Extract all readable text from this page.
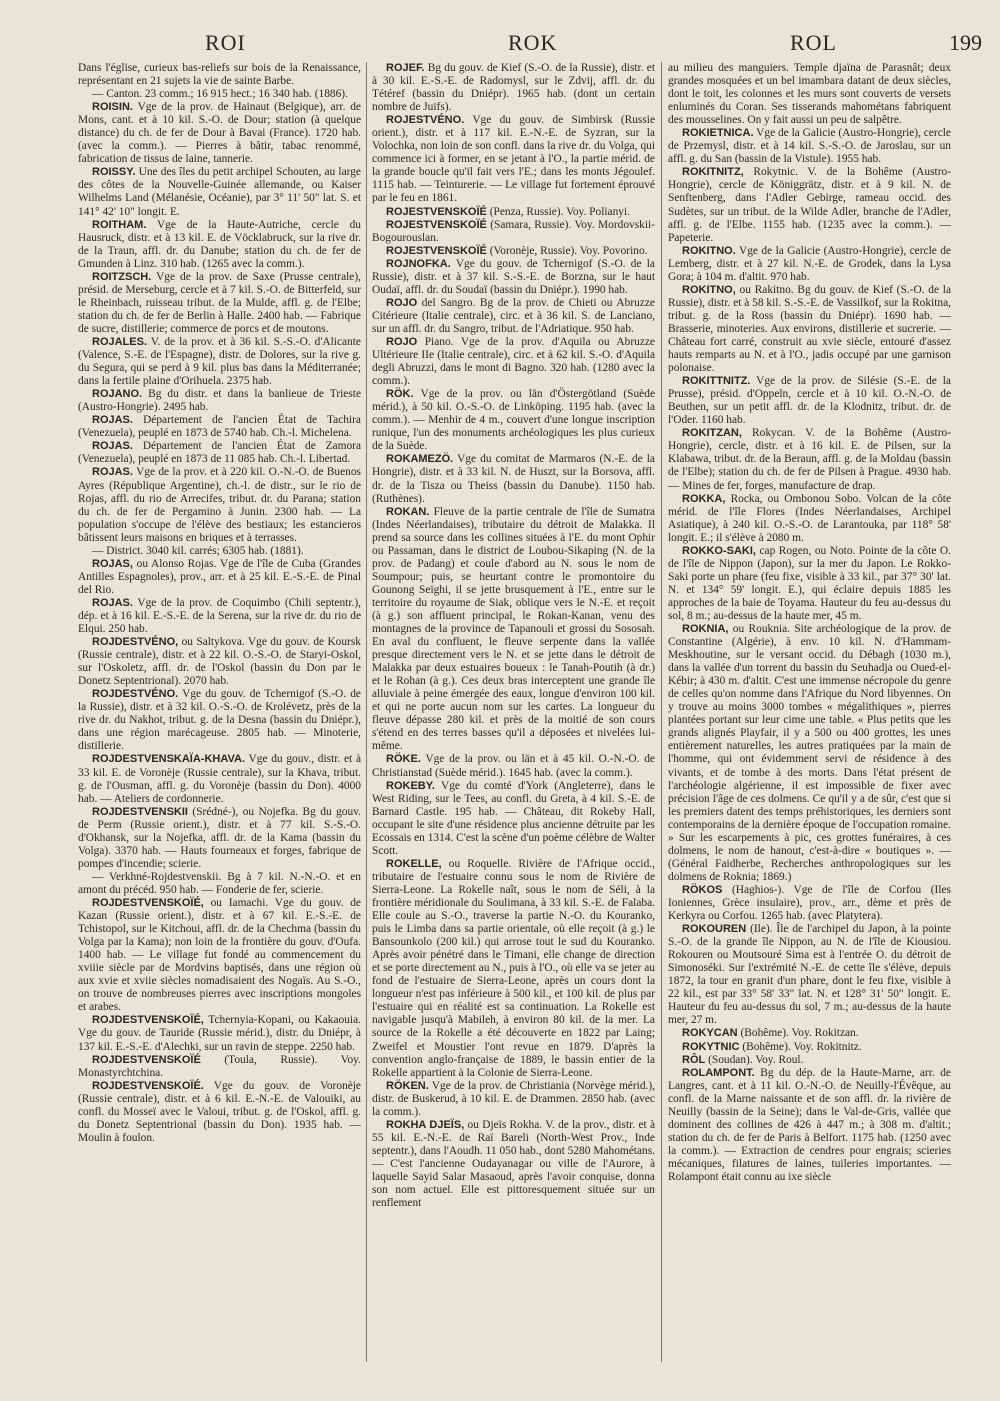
ROI	ROK	ROL	199

Dans l'église, curieux bas-reliefs sur bois de la Renaissance, représentant en 21 sujets la vie de sainte Barbe.

— Canton. 23 comm.; 16 915 hect.; 16 340 hab. (1886).

ROISIN. Vge de la prov. de Hainaut (Belgique), arr. de Mons, cant. et à 10 kil. S.-O. de Dour; station (à quelque distance) du ch. de fer de Dour à Bavai (France). 1720 hab. (avec la comm.). — Pierres à bâtir, tabac renommé, fabrication de tissus de laine, tannerie.

ROISSY. Une des îles du petit archipel Schouten, au large des côtes de la Nouvelle-Guinée allemande, ou Kaiser Wilhelms Land (Mélanésie, Océanie), par 3° 11' 50" lat. S. et 141° 42' 10" longit. E.

ROITHAM. Vge de la Haute-Autriche, cercle du Hausruck, distr. et à 13 kil. E. de Vöcklabruck, sur la rive dr. de la Traun, affl. dr. du Danube; station du ch. de fer de Gmunden à Linz. 310 hab. (1265 avec la comm.).

ROITZSCH. Vge de la prov. de Saxe (Prusse centrale), présid. de Merseburg, cercle et à 7 kil. S.-O. de Bitterfeld, sur le Rheinbach, ruisseau tribut. de la Mulde, affl. g. de l'Elbe; station du ch. de fer de Berlin à Halle. 2400 hab. — Fabrique de sucre, distillerie; commerce de porcs et de moutons.

ROJALES. V. de la prov. et à 36 kil. S.-S.-O. d'Alicante (Valence, S.-E. de l'Espagne), distr. de Dolores, sur la rive g. du Segura, qui se perd à 9 kil. plus bas dans la Méditerranée; dans la fertile plaine d'Orihuela. 2375 hab.

ROJANO. Bg du distr. et dans la banlieue de Trieste (Austro-Hongrie). 2495 hab.

ROJAS. Département de l'ancien État de Tachira (Venezuela), peuplé en 1873 de 5740 hab. Ch.-l. Michelena.

ROJAS. Département de l'ancien État de Zamora (Venezuela), peuplé en 1873 de 11 085 hab. Ch.-l. Libertad.

ROJAS. Vge de la prov. et à 220 kil. O.-N.-O. de Buenos Ayres (République Argentine), ch.-l. de distr., sur le rio de Rojas, affl. du rio de Arrecifes, tribut. dr. du Parana; station du ch. de fer de Pergamino à Junin. 2300 hab. — La population s'occupe de l'élève des bestiaux; les estancieros bâtissent leurs maisons en briques et à terrasses.

— District. 3040 kil. carrés; 6305 hab. (1881).

ROJAS, ou Alonso Rojas. Vge de l'île de Cuba (Grandes Antilles Espagnoles), prov., arr. et à 25 kil. E.-S.-E. de Pinal del Rio.

ROJAS. Vge de la prov. de Coquimbo (Chili septentr.), dép. et à 16 kil. E.-S.-E. de la Serena, sur la rive dr. du rio de Elqui. 250 hab.

ROJDESTVÉNO, ou Saltykova. Vge du gouv. de Koursk (Russie centrale), distr. et à 22 kil. O.-S.-O. de Staryi-Oskol, sur l'Oskoletz, affl. dr. de l'Oskol (bassin du Don par le Donetz Septentrional). 2070 hab.

ROJDESTVÉNO. Vge du gouv. de Tchernigof (S.-O. de la Russie), distr. et à 32 kil. O.-S.-O. de Krolévetz, près de la rive dr. du Nakhot, tribut. g. de la Desna (bassin du Dniépr.), dans une région marécageuse. 2805 hab. — Minoterie, distillerie.

ROJDESTVENSKAÏA-KHAVA. Vge du gouv., distr. et à 33 kil. E. de Voronèje (Russie centrale), sur la Khava, tribut. g. de l'Ousman, affl. g. du Voronèje (bassin du Don). 4000 hab. — Ateliers de cordonnerie.

ROJDESTVENSKII (Srédné-), ou Nojefka. Bg du gouv. de Perm (Russie orient.), distr. et à 77 kil. S.-S.-O. d'Okhansk, sur la Nojefka, affl. dr. de la Kama (bassin du Volga). 3370 hab. — Hauts fourneaux et forges, fabrique de pompes d'incendie; scierie.

— Verkhné-Rojdestvenskii. Bg à 7 kil. N.-N.-O. et en amont du précéd. 950 hab. — Fonderie de fer, scierie.

ROJDESTVENSKOÏÉ, ou Iamachi. Vge du gouv. de Kazan (Russie orient.), distr. et à 67 kil. E.-S.-E. de Tchistopol, sur le Kitchoui, affl. dr. de la Chechma (bassin du Volga par la Kama); non loin de la frontière du gouv. d'Oufa. 1400 hab. — Le village fut fondé au commencement du xviiie siècle par de Mordvins baptisés, dans une région où aux xvie et xviie siècles nomadisaient des Nogaïs. Au S.-O., on trouve de nombreuses pierres avec inscriptions mongoles et arabes.

ROJDESTVENSKOÏÉ, Tchernyia-Kopani, ou Kakaouia. Vge du gouv. de Tauride (Russie mérid.), distr. du Dniépr, à 137 kil. E.-S.-E. d'Alechki, sur un ravin de steppe. 2250 hab.

ROJDESTVENSKOÏÉ (Toula, Russie). Voy. Monastyrchtchina.

ROJDESTVENSKOÏÉ. Vge du gouv. de Voronèje (Russie centrale), distr. et à 6 kil. E.-N.-E. de Valouiki, au confl. du Mosseï avec le Valoui, tribut. g. de l'Oskol, affl. g. du Donetz Septentrional (bassin du Don). 1935 hab. — Moulin à foulon.

ROJEF. Bg du gouv. de Kief (S.-O. de la Russie), distr. et à 30 kil. E.-S.-E. de Radomysl, sur le Zdvij, affl. dr. du Tétéref (bassin du Dniépr). 1965 hab. (dont un certain nombre de Juifs).

ROJESTVÉNO. Vge du gouv. de Simbirsk (Russie orient.), distr. et à 117 kil. E.-N.-E. de Syzran, sur la Volochka, non loin de son confl. dans la rive dr. du Volga, qui commence ici à former, en se jetant à l'O., la partie mérid. de la grande boucle qu'il fait vers l'E.; dans les monts Jégoulef. 1115 hab. — Teinturerie. — Le village fut fortement éprouvé par le feu en 1861.

ROJESTVENSKOÏÉ (Penza, Russie). Voy. Polianyi.

ROJESTVENSKOÏÉ (Samara, Russie). Voy. Mordovskii-Bogourouslan.

ROJESTVENSKOÏÉ (Voronèje, Russie). Voy. Povorino.

ROJNOFKA. Vge du gouv. de Tchernigof (S.-O. de la Russie), distr. et à 37 kil. S.-S.-E. de Borzna, sur le haut Oudaï, affl. dr. du Soudaï (bassin du Dniépr.). 1990 hab.

ROJO del Sangro. Bg de la prov. de Chieti ou Abruzze Citérieure (Italie centrale), circ. et à 36 kil. S. de Lanciano, sur un affl. dr. du Sangro, tribut. de l'Adriatique. 950 hab.

ROJO Piano. Vge de la prov. d'Aquila ou Abruzze Ultérieure IIe (Italie centrale), circ. et à 62 kil. S.-O. d'Aquila degli Abruzzi, dans le mont di Bagno. 320 hab. (1280 avec la comm.).

RÖK. Vge de la prov. ou län d'Östergötland (Suède mérid.), à 50 kil. O.-S.-O. de Linköping. 1195 hab. (avec la comm.). — Menhir de 4 m., couvert d'une longue inscription runique, l'un des monuments archéologiques les plus curieux de la Suède.

ROKAMEZÖ. Vge du comitat de Marmaros (N.-E. de la Hongrie), distr. et à 33 kil. N. de Huszt, sur la Borsova, affl. dr. de la Tisza ou Theiss (bassin du Danube). 1150 hab. (Ruthènes).

ROKAN. Fleuve de la partie centrale de l'île de Sumatra (Indes Néerlandaises), tributaire du détroit de Malakka. Il prend sa source dans les collines situées à l'E. du mont Ophir ou Passaman, dans le district de Loubou-Sikaping (N. de la prov. de Padang) et coule d'abord au N. sous le nom de Soumpour; puis, se heurtant contre le promontoire du Gounong Seïghi, il se jette brusquement à l'E., entre sur le territoire du royaume de Siak, oblique vers le N.-E. et reçoit (à g.) son affluent principal, le Rokan-Kanan, venu des montagnes de la province de Tapanouli et grossi du Sososah. En aval du confluent, le fleuve serpente dans la vallée presque directement vers le N. et se jette dans le détroit de Malakka par deux estuaires boueux : le Tanah-Poutih (à dr.) et le Rohan (à g.). Ces deux bras interceptent une grande île alluviale à peine émergée des eaux, longue d'environ 100 kil. et qui ne porte aucun nom sur les cartes. La longueur du fleuve dépasse 280 kil. et près de la moitié de son cours s'étend en des terres basses qu'il a déposées et nivelées lui-même.

RÖKE. Vge de la prov. ou län et à 45 kil. O.-N.-O. de Christianstad (Suède mérid.). 1645 hab. (avec la comm.).

ROKEBY. Vge du comté d'York (Angleterre), dans le West Riding, sur le Tees, au confl. du Greta, à 4 kil. S.-E. de Barnard Castle. 195 hab. — Château, dit Rokeby Hall, occupant le site d'une résidence plus ancienne détruite par les Ecossais en 1314. C'est la scène d'un poème célèbre de Walter Scott.

ROKELLE, ou Roquelle. Rivière de l'Afrique occid., tributaire de l'estuaire connu sous le nom de Rivière de Sierra-Leone. La Rokelle naît, sous le nom de Séli, à la frontière méridionale du Soulimana, à 33 kil. S.-E. de Falaba. Elle coule au S.-O., traverse la partie N.-O. du Kouranko, puis le Limba dans sa partie orientale, où elle reçoit (à g.) le Bansounkolo (200 kil.) qui arrose tout le sud du Kouranko. Après avoir pénétré dans le Timani, elle change de direction et se porte directement au N., puis à l'O., où elle va se jeter au fond de l'estuaire de Sierra-Leone, après un cours dont la longueur n'est pas inférieure à 500 kil., et 100 kil. de plus par l'estuaire qui en réalité est sa continuation. La Rokelle est navigable jusqu'à Mabileh, à environ 80 kil. de la mer. La source de la Rokelle a été découverte en 1822 par Laing; Zweifel et Moustier l'ont revue en 1879. D'après la convention anglo-française de 1889, le bassin entier de la Rokelle appartient à la Colonie de Sierra-Leone.

RÖKEN. Vge de la prov. de Christiania (Norvège mérid.), distr. de Buskerud, à 10 kil. E. de Drammen. 2850 hab. (avec la comm.).

ROKHA DJEÏS, ou Djeïs Rokha. V. de la prov., distr. et à 55 kil. E.-N.-E. de Raï Bareli (North-West Prov., Inde septentr.), dans l'Aoudh. 11 050 hab., dont 5280 Mahométans. — C'est l'ancienne Oudayanagar ou ville de l'Aurore, à laquelle Sayid Salar Masaoud, après l'avoir conquise, donna son nom actuel. Elle est pittoresquement située sur un renflement

au milieu des manguiers. Temple djaïna de Parasnât; deux grandes mosquées et un bel imambara datant de deux siècles, dont le toit, les colonnes et les murs sont couverts de versets enluminés du Coran. Ses tisserands mahométans fabriquent des mousselines. On y fait aussi un peu de salpêtre.

ROKIETNICA. Vge de la Galicie (Austro-Hongrie), cercle de Przemysl, distr. et à 14 kil. S.-S.-O. de Jaroslau, sur un affl. g. du San (bassin de la Vistule). 1955 hab.

ROKITNITZ, Rokytnic. V. de la Bohême (Austro-Hongrie), cercle de Königgrätz, distr. et à 9 kil. N. de Senftenberg, dans l'Adler Gebirge, rameau occid. des Sudètes, sur un tribut. de la Wilde Adler, branche de l'Adler, affl. g. de l'Elbe. 1155 hab. (1235 avec la comm.). — Papeterie.

ROKITNO. Vge de la Galicie (Austro-Hongrie), cercle de Lemberg, distr. et à 27 kil. N.-E. de Grodek, dans la Lysa Gora; à 104 m. d'altit. 970 hab.

ROKITNO, ou Rakitno. Bg du gouv. de Kief (S.-O. de la Russie), distr. et à 58 kil. S.-S.-E. de Vassilkof, sur la Rokitna, tribut. g. de la Ross (bassin du Dniépr). 1690 hab. — Brasserie, minoteries. Aux environs, distillerie et sucrerie. — Château fort carré, construit au xvie siècle, entouré d'assez hauts remparts au N. et à l'O., jadis occupé par une garnison polonaise.

ROKITTNITZ. Vge de la prov. de Silésie (S.-E. de la Prusse), présid. d'Oppeln, cercle et à 10 kil. O.-N.-O. de Beuthen, sur un petit affl. dr. de la Klodnitz, tribut. dr. de l'Oder. 1160 hab.

ROKITZAN, Rokycan. V. de la Bohême (Austro-Hongrie), cercle, distr. et à 16 kil. E. de Pilsen, sur la Klabawa, tribut. dr. de la Beraun, affl. g. de la Moldau (bassin de l'Elbe); station du ch. de fer de Pilsen à Prague. 4930 hab. — Mines de fer, forges, manufacture de drap.

ROKKA, Rocka, ou Ombonou Sobo. Volcan de la côte mérid. de l'île Flores (Indes Néerlandaises, Archipel Asiatique), à 240 kil. O.-S.-O. de Larantouka, par 118° 58' longit. E.; il s'élève à 2080 m.

ROKKO-SAKI, cap Rogen, ou Noto. Pointe de la côte O. de l'île de Nippon (Japon), sur la mer du Japon. Le Rokko-Saki porte un phare (feu fixe, visible à 33 kil., par 37° 30' lat. N. et 134° 59' longit. E.), qui éclaire depuis 1885 les approches de la baie de Toyama. Hauteur du feu au-dessus du sol, 8 m.; au-dessus de la haute mer, 45 m.

ROKNIA, ou Rouknia. Site archéologique de la prov. de Constantine (Algérie), à env. 10 kil. N. d'Hammam-Meskhoutine, sur le versant occid. du Débagh (1030 m.), dans la vallée d'un torrent du bassin du Seuhadja ou Oued-el-Kébir; à 430 m. d'altit. C'est une immense nécropole du genre de celles qu'on nomme dans l'Afrique du Nord libyennes. On y trouve au moins 3000 tombes « mégalithiques », pierres plantées portant sur leur cime une table. « Plus petits que les grands alignés Playfair, il y a 500 ou 400 grottes, les unes entièrement naturelles, les autres pratiquées par la main de l'homme, qui ont évidemment servi de résidence à des vivants, et de tombe à des morts. Dans l'état présent de l'archéologie algérienne, il est impossible de fixer avec précision l'âge de ces dolmens. Ce qu'il y a de sûr, c'est que si les premiers datent des temps préhistoriques, les derniers sont contemporains de la dernière époque de l'occupation romaine. » Sur les escarpements à pic, ces grottes funéraires, à ces dolmens, le nom de hanout, c'est-à-dire « boutiques ». — (Général Faidherbe, Recherches anthropologiques sur les dolmens de Roknia; 1869.)

RÖKOS (Haghios-). Vge de l'île de Corfou (Iles Ioniennes, Grèce insulaire), prov., arr., dème et près de Kerkyra ou Corfou. 1265 hab. (avec Platytera).

ROKOUREN (Ile). Île de l'archipel du Japon, à la pointe S.-O. de la grande île Nippon, au N. de l'île de Kiousiou. Rokouren ou Moutsouré Sima est à l'entrée O. du détroit de Simonoséki. Sur l'extrémité N.-E. de cette île s'élève, depuis 1872, la tour en granit d'un phare, dont le feu fixe, visible à 22 kil., est par 33° 58' 33" lat. N. et 128° 31' 50" longit. E. Hauteur du feu au-dessus du sol, 7 m.; au-dessus de la haute mer, 27 m.

ROKYCAN (Bohême). Voy. Rokitzan.

ROKYTNIC (Bohême). Voy. Rokitnitz.

RÔL (Soudan). Voy. Roul.

ROLAMPONT. Bg du dép. de la Haute-Marne, arr. de Langres, cant. et à 11 kil. O.-N.-O. de Neuilly-l'Évêque, au confl. de la Marne naissante et de son affl. dr. la rivière de Neuilly (bassin de la Seine); dans le Val-de-Gris, vallée que dominent des collines de 426 à 447 m.; à 308 m. d'altit.; station du ch. de fer de Paris à Belfort. 1175 hab. (1250 avec la comm.). — Extraction de cendres pour engrais; scieries mécaniques, filatures de laines, tuileries importantes. — Rolampont était connu au ixe siècle
